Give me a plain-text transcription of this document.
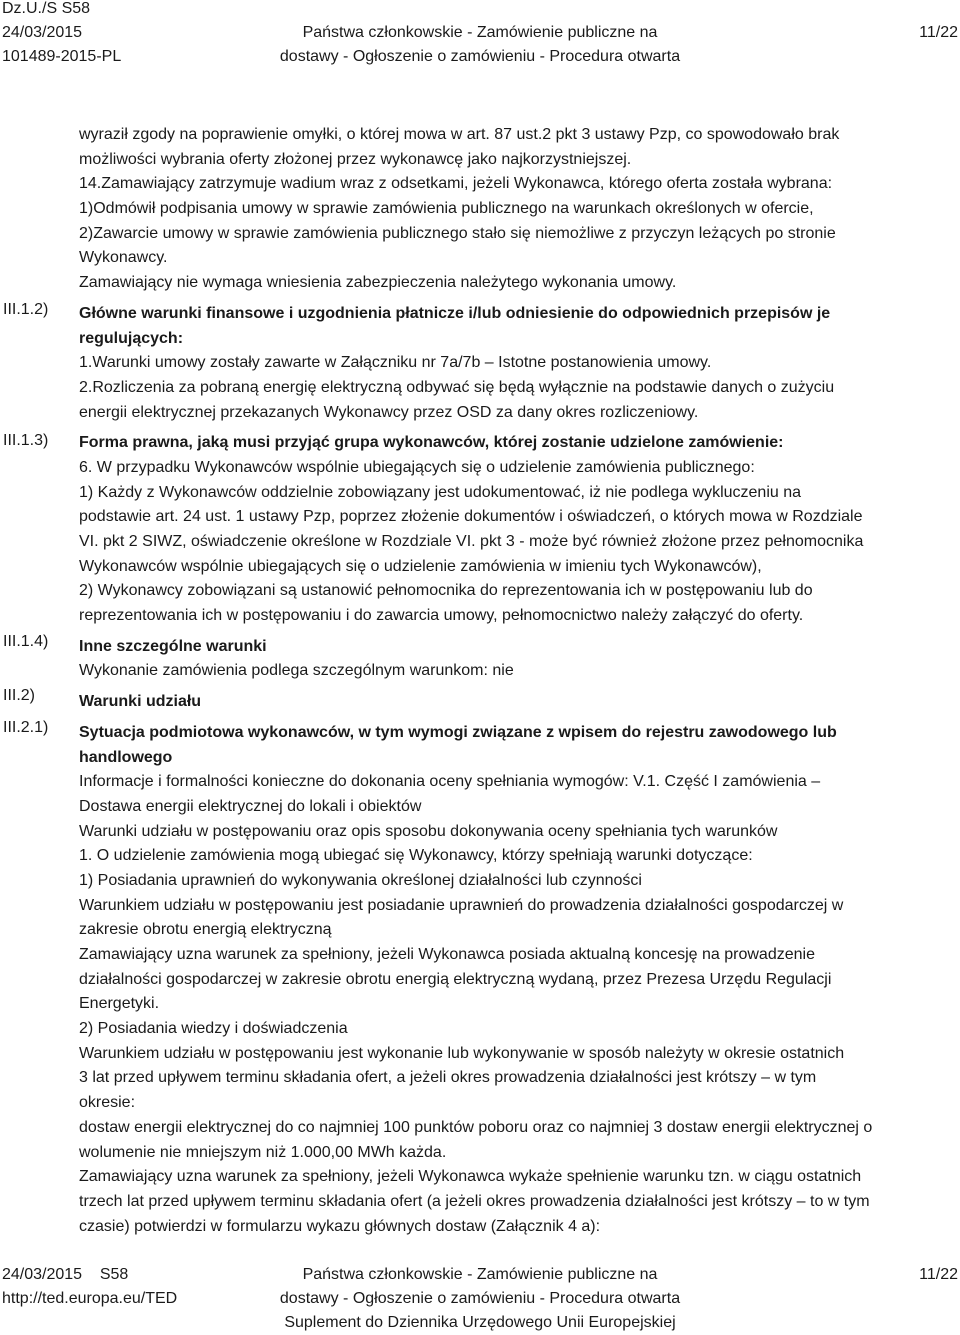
Dz.U./S S58
24/03/2015
101489-2015-PL
Państwa członkowskie - Zamówienie publiczne na
dostawy - Ogłoszenie o zamówieniu - Procedura otwarta
11/22
III.1.2)
III.1.3)
III.1.4)
III.2)
III.2.1)
wyraził zgody na poprawienie omyłki, o której mowa w art. 87 ust.2 pkt 3 ustawy Pzp, co spowodowało brak
możliwości wybrania oferty złożonej przez wykonawcę jako najkorzystniejszej.
14.Zamawiający zatrzymuje wadium wraz z odsetkami, jeżeli Wykonawca, którego oferta została wybrana:
1)Odmówił podpisania umowy w sprawie zamówienia publicznego na warunkach określonych w ofercie,
2)Zawarcie umowy w sprawie zamówienia publicznego stało się niemożliwe z przyczyn leżących po stronie
Wykonawcy.
Zamawiający nie wymaga wniesienia zabezpieczenia należytego wykonania umowy.
Główne warunki finansowe i uzgodnienia płatnicze i/lub odniesienie do odpowiednich przepisów je
regulujących:
1.Warunki umowy zostały zawarte w Załączniku nr 7a/7b – Istotne postanowienia umowy.
2.Rozliczenia za pobraną energię elektryczną odbywać się będą wyłącznie na podstawie danych o zużyciu
energii elektrycznej przekazanych Wykonawcy przez OSD za dany okres rozliczeniowy.
Forma prawna, jaką musi przyjąć grupa wykonawców, której zostanie udzielone zamówienie:
6. W przypadku Wykonawców wspólnie ubiegających się o udzielenie zamówienia publicznego:
1) Każdy z Wykonawców oddzielnie zobowiązany jest udokumentować, iż nie podlega wykluczeniu na
podstawie art. 24 ust. 1 ustawy Pzp, poprzez złożenie dokumentów i oświadczeń, o których mowa w Rozdziale
VI. pkt 2 SIWZ, oświadczenie określone w Rozdziale VI. pkt 3 - może być również złożone przez pełnomocnika
Wykonawców wspólnie ubiegających się o udzielenie zamówienia w imieniu tych Wykonawców),
2) Wykonawcy zobowiązani są ustanowić pełnomocnika do reprezentowania ich w postępowaniu lub do
reprezentowania ich w postępowaniu i do zawarcia umowy, pełnomocnictwo należy załączyć do oferty.
Inne szczególne warunki
Wykonanie zamówienia podlega szczególnym warunkom: nie
Warunki udziału
Sytuacja podmiotowa wykonawców, w tym wymogi związane z wpisem do rejestru zawodowego lub
handlowego
Informacje i formalności konieczne do dokonania oceny spełniania wymogów: V.1. Część I zamówienia –
Dostawa energii elektrycznej do lokali i obiektów
Warunki udziału w postępowaniu oraz opis sposobu dokonywania oceny spełniania tych warunków
1. O udzielenie zamówienia mogą ubiegać się Wykonawcy, którzy spełniają warunki dotyczące:
1) Posiadania uprawnień do wykonywania określonej działalności lub czynności
Warunkiem udziału w postępowaniu jest posiadanie uprawnień do prowadzenia działalności gospodarczej w
zakresie obrotu energią elektryczną
Zamawiający uzna warunek za spełniony, jeżeli Wykonawca posiada aktualną koncesję na prowadzenie
działalności gospodarczej w zakresie obrotu energią elektryczną wydaną, przez Prezesa Urzędu Regulacji
Energetyki.
2) Posiadania wiedzy i doświadczenia
Warunkiem udziału w postępowaniu jest wykonanie lub wykonywanie w sposób należyty w okresie ostatnich
3 lat przed upływem terminu składania ofert, a jeżeli okres prowadzenia działalności jest krótszy – w tym
okresie:
dostaw energii elektrycznej do co najmniej 100 punktów poboru oraz co najmniej 3 dostaw energii elektrycznej o
wolumenie nie mniejszym niż 1.000,00 MWh każda.
Zamawiający uzna warunek za spełniony, jeżeli Wykonawca wykaże spełnienie warunku tzn. w ciągu ostatnich
trzech lat przed upływem terminu składania ofert (a jeżeli okres prowadzenia działalności jest krótszy – to w tym
czasie) potwierdzi w formularzu wykazu głównych dostaw (Załącznik 4 a):
24/03/2015 S58
http://ted.europa.eu/TED
Państwa członkowskie - Zamówienie publiczne na
dostawy - Ogłoszenie o zamówieniu - Procedura otwarta
Suplement do Dziennika Urzędowego Unii Europejskiej
11/22
